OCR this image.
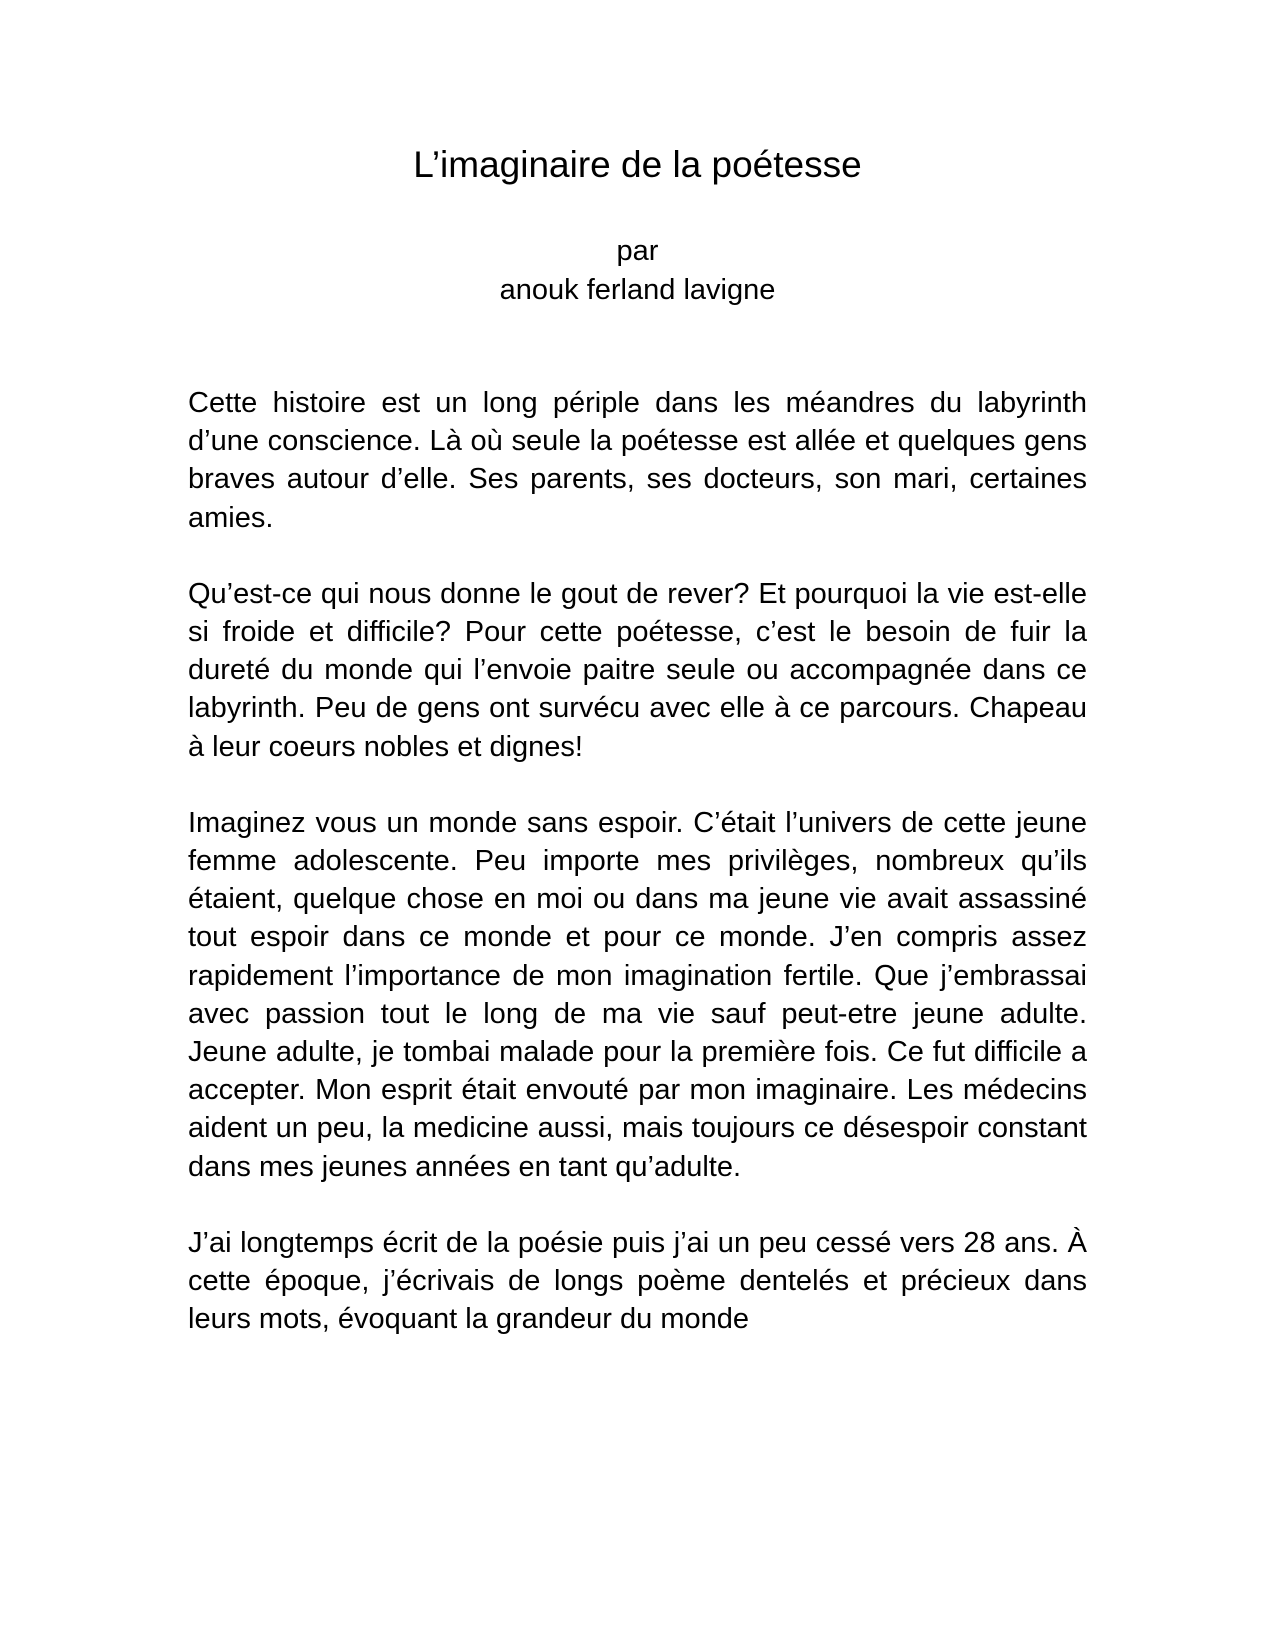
L’imaginaire de la poétesse
par
anouk ferland lavigne

Cette histoire est un long périple dans les méandres du labyrinth d’une conscience. Là où seule la poétesse est allée et quelques gens braves autour d’elle. Ses parents, ses docteurs, son mari, certaines amies.

Qu’est-ce qui nous donne le gout de rever? Et pourquoi la vie est-elle si froide et difficile? Pour cette poétesse, c’est le besoin de fuir la dureté du monde qui l’envoie paitre seule ou accompagnée dans ce labyrinth. Peu de gens ont survécu avec elle à ce parcours. Chapeau à leur coeurs nobles et dignes!

Imaginez vous un monde sans espoir. C’était l’univers de cette jeune femme adolescente. Peu importe mes privilèges, nombreux qu’ils étaient, quelque chose en moi ou dans ma jeune vie avait assassiné tout espoir dans ce monde et pour ce monde. J’en compris assez rapidement l’importance de mon imagination fertile. Que j’embrassai avec passion tout le long de ma vie sauf peut-etre jeune adulte. Jeune adulte, je tombai malade pour la première fois. Ce fut difficile a accepter. Mon esprit était envouté par mon imaginaire. Les médecins aident un peu, la medicine aussi, mais toujours ce désespoir constant dans mes jeunes années en tant qu’adulte.

J’ai longtemps écrit de la poésie puis j’ai un peu cessé vers 28 ans. À cette époque, j’écrivais de longs poème dentelés et précieux dans leurs mots, évoquant la grandeur du monde
